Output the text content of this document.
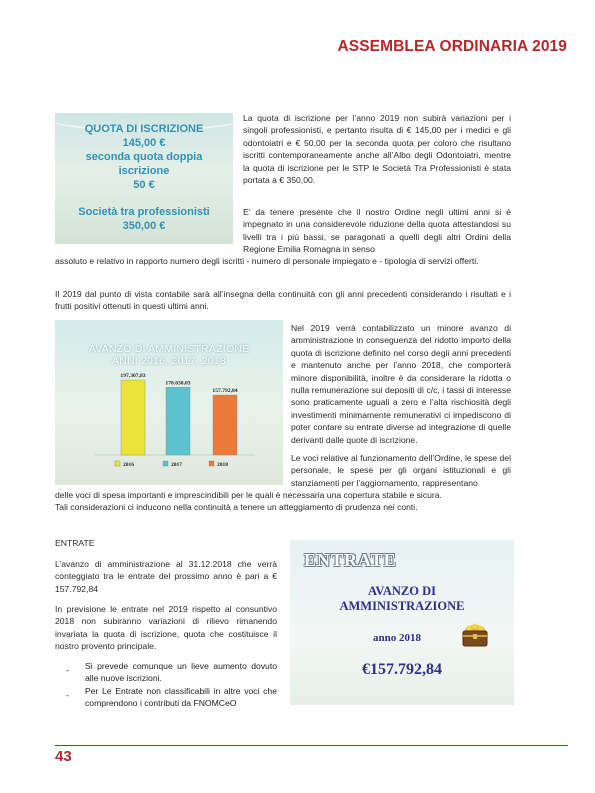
ASSEMBLEA ORDINARIA 2019
QUOTA DI ISCRIZIONE
145,00 €
seconda quota doppia
iscrizione
50 €
Società tra professionisti
350,00 €
La quota di iscrizione per l’anno 2019 non subirà variazioni per i singoli professionisti, e pertanto risulta di € 145,00 per i medici e gli odontoiatri e € 50,00 per la seconda quota per coloro che risultano iscritti contemporaneamente anche all’Albo degli Odontoiatri, mentre la quota di iscrizione per le STP le Società Tra Professionisti è stata portata a € 350,00.
E’ da tenere presente che il nostro Ordine negli ultimi anni si è impegnato in una considerevole riduzione della quota attestandosi su livelli tra i più bassi, se paragonati a quelli degli altri Ordini della Regione Emilia Romagna in senso
assoluto e relativo in rapporto numero degli iscritti - numero di personale impiegato e - tipologia di servizi offerti.
Il 2019 dal punto di vista contabile sarà all’insegna della continuità con gli anni precedenti considerando i risultati e i frutti positivi ottenuti in questi ultimi anni.
AVANZO DI AMMINISTRAZIONE
ANNI 2016, 2017, 2018
197.307,83
178.038,03
157.792,84
2016	2017	2018
Nel 2019 verrà contabilizzato un minore avanzo di amministrazione in conseguenza del ridotto importo della quota di iscrizione definito nel corso degli anni precedenti e mantenuto anche per l’anno 2018, che comporterà minore disponibilità, inoltre è da considerare la ridotta o nulla remunerazione sui depositi di c/c, i tassi di interesse sono praticamente uguali a zero e l’alta rischiosità degli investimenti minimamente remunerativi ci impediscono di poter contare su entrate diverse ad integrazione di quelle derivanti dalle quote di iscrizione.
Le voci relative al funzionamento dell’Ordine, le spese del personale, le spese per gli organi istituzionali e gli stanziamenti per l’aggiornamento, rappresentano
delle voci di spesa importanti e imprescindibili per le quali è necessaria una copertura stabile e sicura.
Tali considerazioni ci inducono nella continuità a tenere un atteggiamento di prudenza nei conti.
ENTRATE
L’avanzo di amministrazione al 31.12.2018 che verrà conteggiato tra le entrate del prossimo anno è pari a € 157.792,84
In previsione le entrate nel 2019 rispetto al consuntivo 2018 non subiranno variazioni di rilievo rimanendo invariata la quota di iscrizione, quota che costituisce il nostro provento principale.
- Si prevede comunque un lieve aumento dovuto alle nuove iscrizioni.
- Per Le Entrate non classificabili in altre voci che comprendono i contributi da FNOMCeO
ENTRATE
AVANZO DI
AMMINISTRAZIONE
anno 2018
€157.792,84
43
